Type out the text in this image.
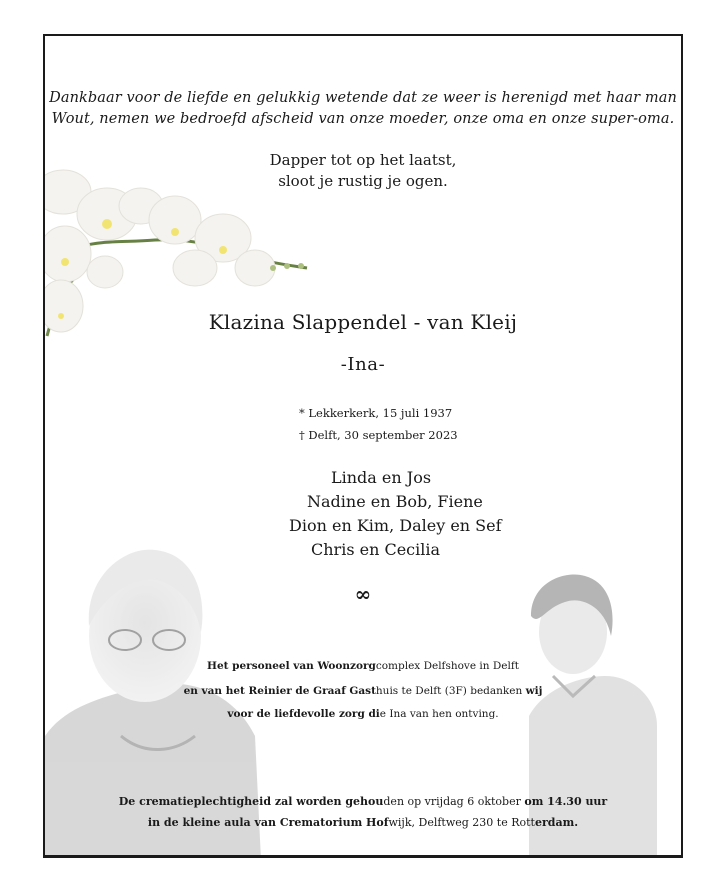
Dankbaar voor de liefde en gelukkig wetende dat ze weer is herenigd met haar man
Wout, nemen we bedroefd afscheid van onze moeder, onze oma en onze super-oma.
Dapper tot op het laatst,
sloot je rustig je ogen.
Klazina Slappendel - van Kleij
-Ina-
* Lekkerkerk, 15 juli 1937
† Delft, 30 september 2023
Linda en Jos
Nadine en Bob, Fiene
Dion en Kim, Daley en Sef
Chris en Cecilia
∞
Het personeel van Woonzorgcomplex Delfshove in Delft
en van het Reinier de Graaf Gasthuis te Delft (3F) bedanken wij
voor de liefdevolle zorg die Ina van hen ontving.
De crematieplechtigheid zal worden gehouden op vrijdag 6 oktober om 14.30 uur
in de kleine aula van Crematorium Hofwijk, Delftweg 230 te Rotterdam.
